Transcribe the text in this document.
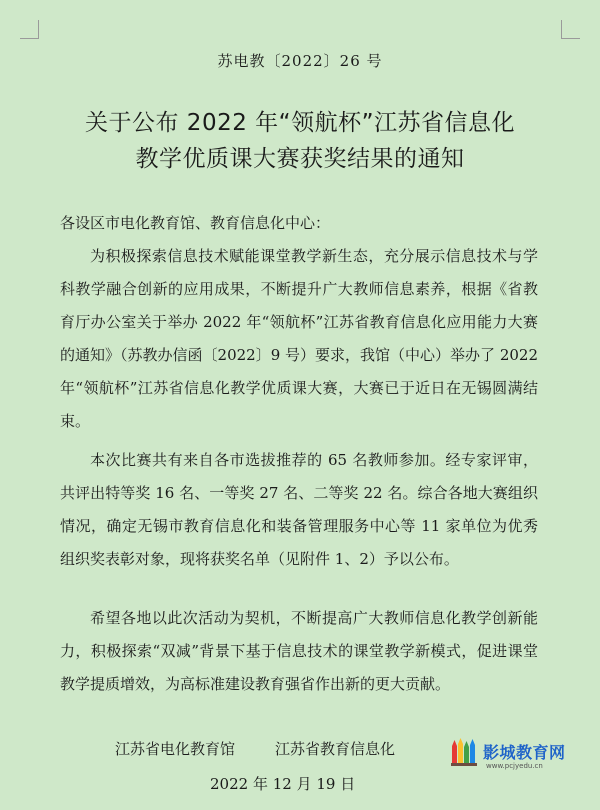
苏电教〔2022〕26 号
关于公布 2022 年“领航杯”江苏省信息化
教学优质课大赛获奖结果的通知
各设区市电化教育馆、教育信息化中心：

为积极探索信息技术赋能课堂教学新生态，充分展示信息技术与学科教学融合创新的应用成果，不断提升广大教师信息素养，根据《省教育厅办公室关于举办 2022 年“领航杯”江苏省教育信息化应用能力大赛的通知》（苏教办信函〔2022〕9 号）要求，我馆（中心）举办了 2022 年“领航杯”江苏省信息化教学优质课大赛，大赛已于近日在无锡圆满结束。

本次比赛共有来自各市选拔推荐的 65 名教师参加。经专家评审，共评出特等奖 16 名、一等奖 27 名、二等奖 22 名。综合各地大赛组织情况，确定无锡市教育信息化和装备管理服务中心等 11 家单位为优秀组织奖表彰对象，现将获奖名单（见附件 1、2）予以公布。

希望各地以此次活动为契机，不断提高广大教师信息化教学创新能力，积极探索“双减”背景下基于信息技术的课堂教学新模式，促进课堂教学提质增效，为高标准建设教育强省作出新的更大贡献。

江苏省电化教育馆	江苏省教育信息化
2022 年 12 月 19 日
影城教育网
www.pcjyedu.cn
